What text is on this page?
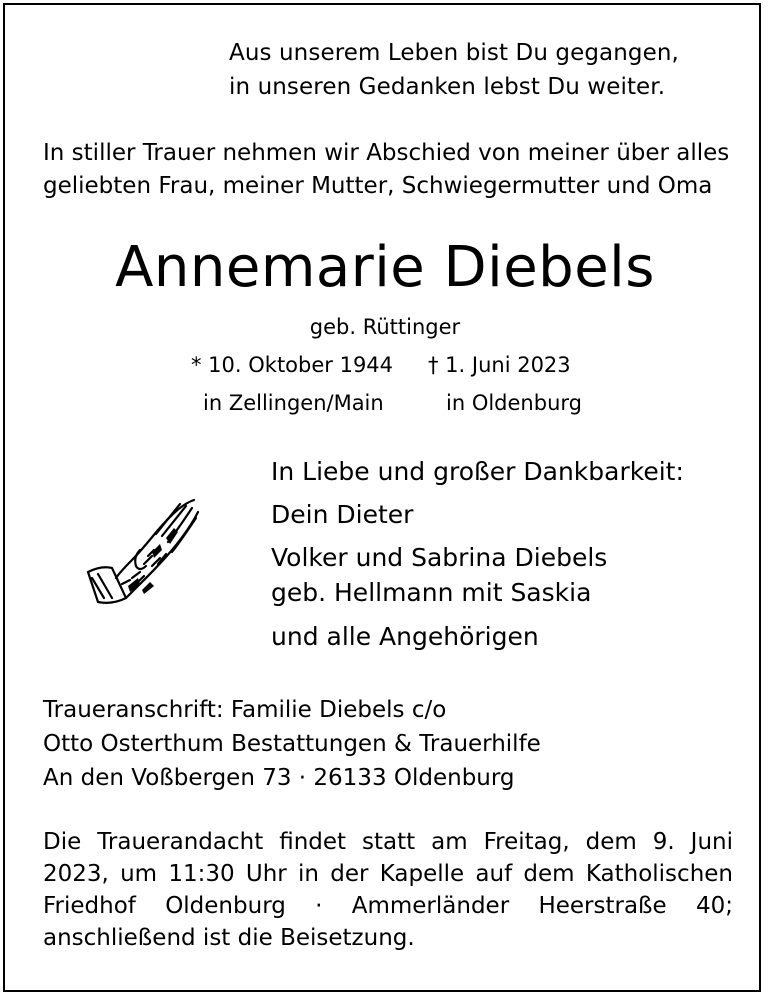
Aus unserem Leben bist Du gegangen,
in unseren Gedanken lebst Du weiter.
In stiller Trauer nehmen wir Abschied von meiner über alles
geliebten Frau, meiner Mutter, Schwiegermutter und Oma
Annemarie Diebels
geb. Rüttinger
* 10. Oktober 1944 † 1. Juni 2023
in Zellingen/Main	in Oldenburg
In Liebe und großer Dankbarkeit:
Dein Dieter
Volker und Sabrina Diebels
geb. Hellmann mit Saskia
und alle Angehörigen
Traueranschrift: Familie Diebels c/o
Otto Osterthum Bestattungen & Trauerhilfe
An den Voßbergen 73 · 26133 Oldenburg
Die Trauerandacht findet statt am Freitag, dem 9. Juni
2023, um 11:30 Uhr in der Kapelle auf dem Katholischen
Friedhof Oldenburg · Ammerländer Heerstraße 40;
anschließend ist die Beisetzung.
